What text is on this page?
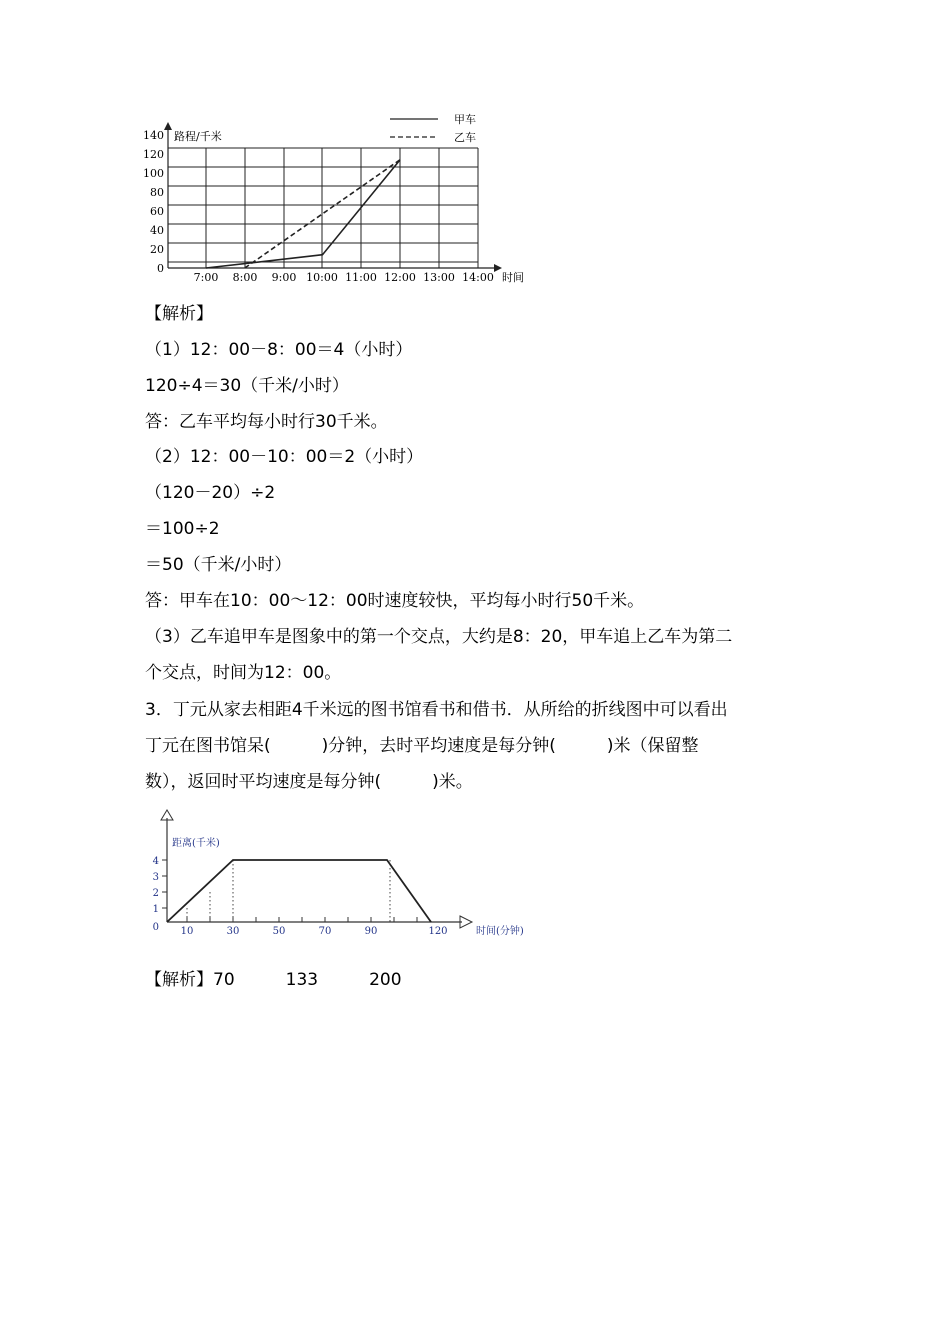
路程/千米
时间
0
20
40
60
80
100
120
140
7:00 8:00 9:00 10:00 11:00 12:00 13:00 14:00
甲车
乙车
【解析】
（1）12：00－8：00＝4（小时）
120÷4＝30（千米/小时）
答：乙车平均每小时行30千米。
（2）12：00－10：00＝2（小时）
（120－20）÷2
＝100÷2
＝50（千米/小时）
答：甲车在10：00～12：00时速度较快，平均每小时行50千米。
（3）乙车追甲车是图象中的第一个交点，大约是8：20，甲车追上乙车为第二
个交点，时间为12：00。
3．丁元从家去相距4千米远的图书馆看书和借书．从所给的折线图中可以看出
丁元在图书馆呆(　　　)分钟，去时平均速度是每分钟(　　　)米（保留整
数），返回时平均速度是每分钟(　　　)米。
距离(千米)
时间(分钟)
4
3
2
1
0 10	30	50	70	90	120
【解析】70　　　133　　　200
